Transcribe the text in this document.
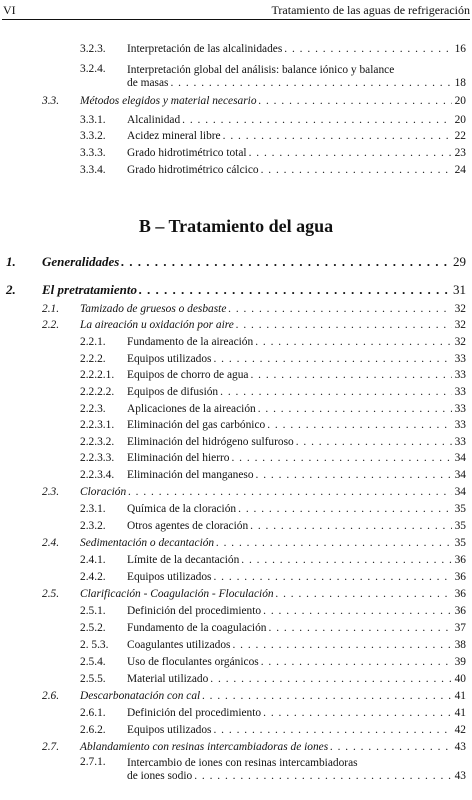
VI	Tratamiento de las aguas de refrigeración
3.2.3. Interpretación de las alcalinidades . . .	16
3.2.4. Interpretación global del análisis: balance iónico y balance
de masas . . .	18
3.3. Métodos elegidos y material necesario . . .	20
3.3.1. Alcalinidad . . .	20
3.3.2. Acidez mineral libre . . .	22
3.3.3. Grado hidrotimétrico total . . .	23
3.3.4. Grado hidrotimétrico cálcico . . .	24
B – Tratamiento del agua
1. Generalidades . . .	29
2. El pretratamiento . . .	31
2.1. Tamizado de gruesos o desbaste . . .	32
2.2. La aireación u oxidación por aire . . .	32
2.2.1. Fundamento de la aireación . . .	32
2.2.2. Equipos utilizados . . .	33
2.2.2.1. Equipos de chorro de agua . . .	33
2.2.2.2. Equipos de difusión . . .	33
2.2.3. Aplicaciones de la aireación . . .	33
2.2.3.1. Eliminación del gas carbónico . . .	33
2.2.3.2. Eliminación del hidrógeno sulfuroso . . .	33
2.2.3.3. Eliminación del hierro . . .	34
2.2.3.4. Eliminación del manganeso . . .	34
2.3. Cloración . . .	34
2.3.1. Química de la cloración . . .	35
2.3.2. Otros agentes de cloración . . .	35
2.4. Sedimentación o decantación . . .	35
2.4.1. Límite de la decantación . . .	36
2.4.2. Equipos utilizados . . .	36
2.5. Clarificación - Coagulación - Floculación . . .	36
2.5.1. Definición del procedimiento . . .	36
2.5.2. Fundamento de la coagulación . . .	37
2. 5.3. Coagulantes utilizados . . .	38
2.5.4. Uso de floculantes orgánicos . . .	39
2.5.5. Material utilizado . . .	40
2.6. Descarbonatación con cal . . .	41
2.6.1. Definición del procedimiento . . .	41
2.6.2. Equipos utilizados . . .	42
2.7. Ablandamiento con resinas intercambiadoras de iones . . .	43
2.7.1. Intercambio de iones con resinas intercambiadoras
de iones sodio . . .	43
